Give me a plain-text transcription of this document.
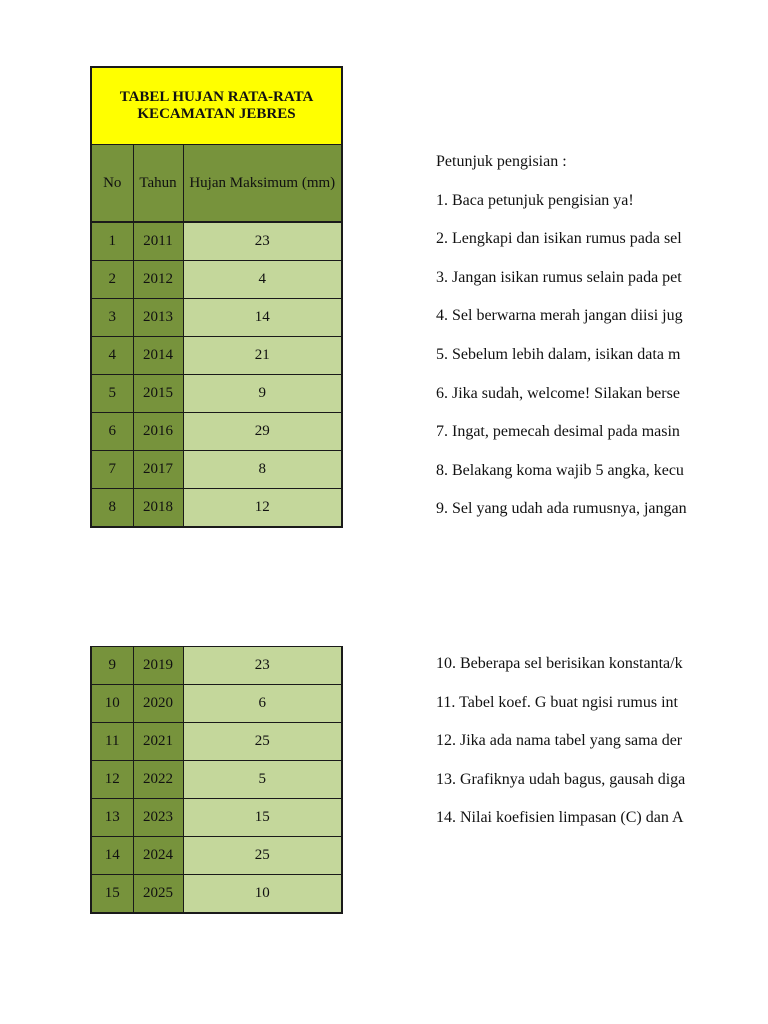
TABEL HUJAN RATA-RATA
KECAMATAN JEBRES		

No	Tahun	Hujan Maksimum (mm)
1	2011	23
2	2012	4
3	2013	14
4	2014	21
5	2015	9
6	2016	29
7	2017	8
8	2018	12
9	2019	23
10	2020	6
11	2021	25
12	2022	5
13	2023	15
14	2024	25
15	2025	10
Petunjuk pengisian :
1. Baca petunjuk pengisian ya!
2. Lengkapi dan isikan rumus pada sel
3. Jangan isikan rumus selain pada pet
4. Sel berwarna merah jangan diisi jug
5. Sebelum lebih dalam, isikan data m
6. Jika sudah, welcome! Silakan berse
7. Ingat, pemecah desimal pada masin
8. Belakang koma wajib 5 angka, kecu
9. Sel yang udah ada rumusnya, jangan
10. Beberapa sel berisikan konstanta/k
11. Tabel koef. G buat ngisi rumus int
12. Jika ada nama tabel yang sama der
13. Grafiknya udah bagus, gausah diga
14. Nilai koefisien limpasan (C) dan A
